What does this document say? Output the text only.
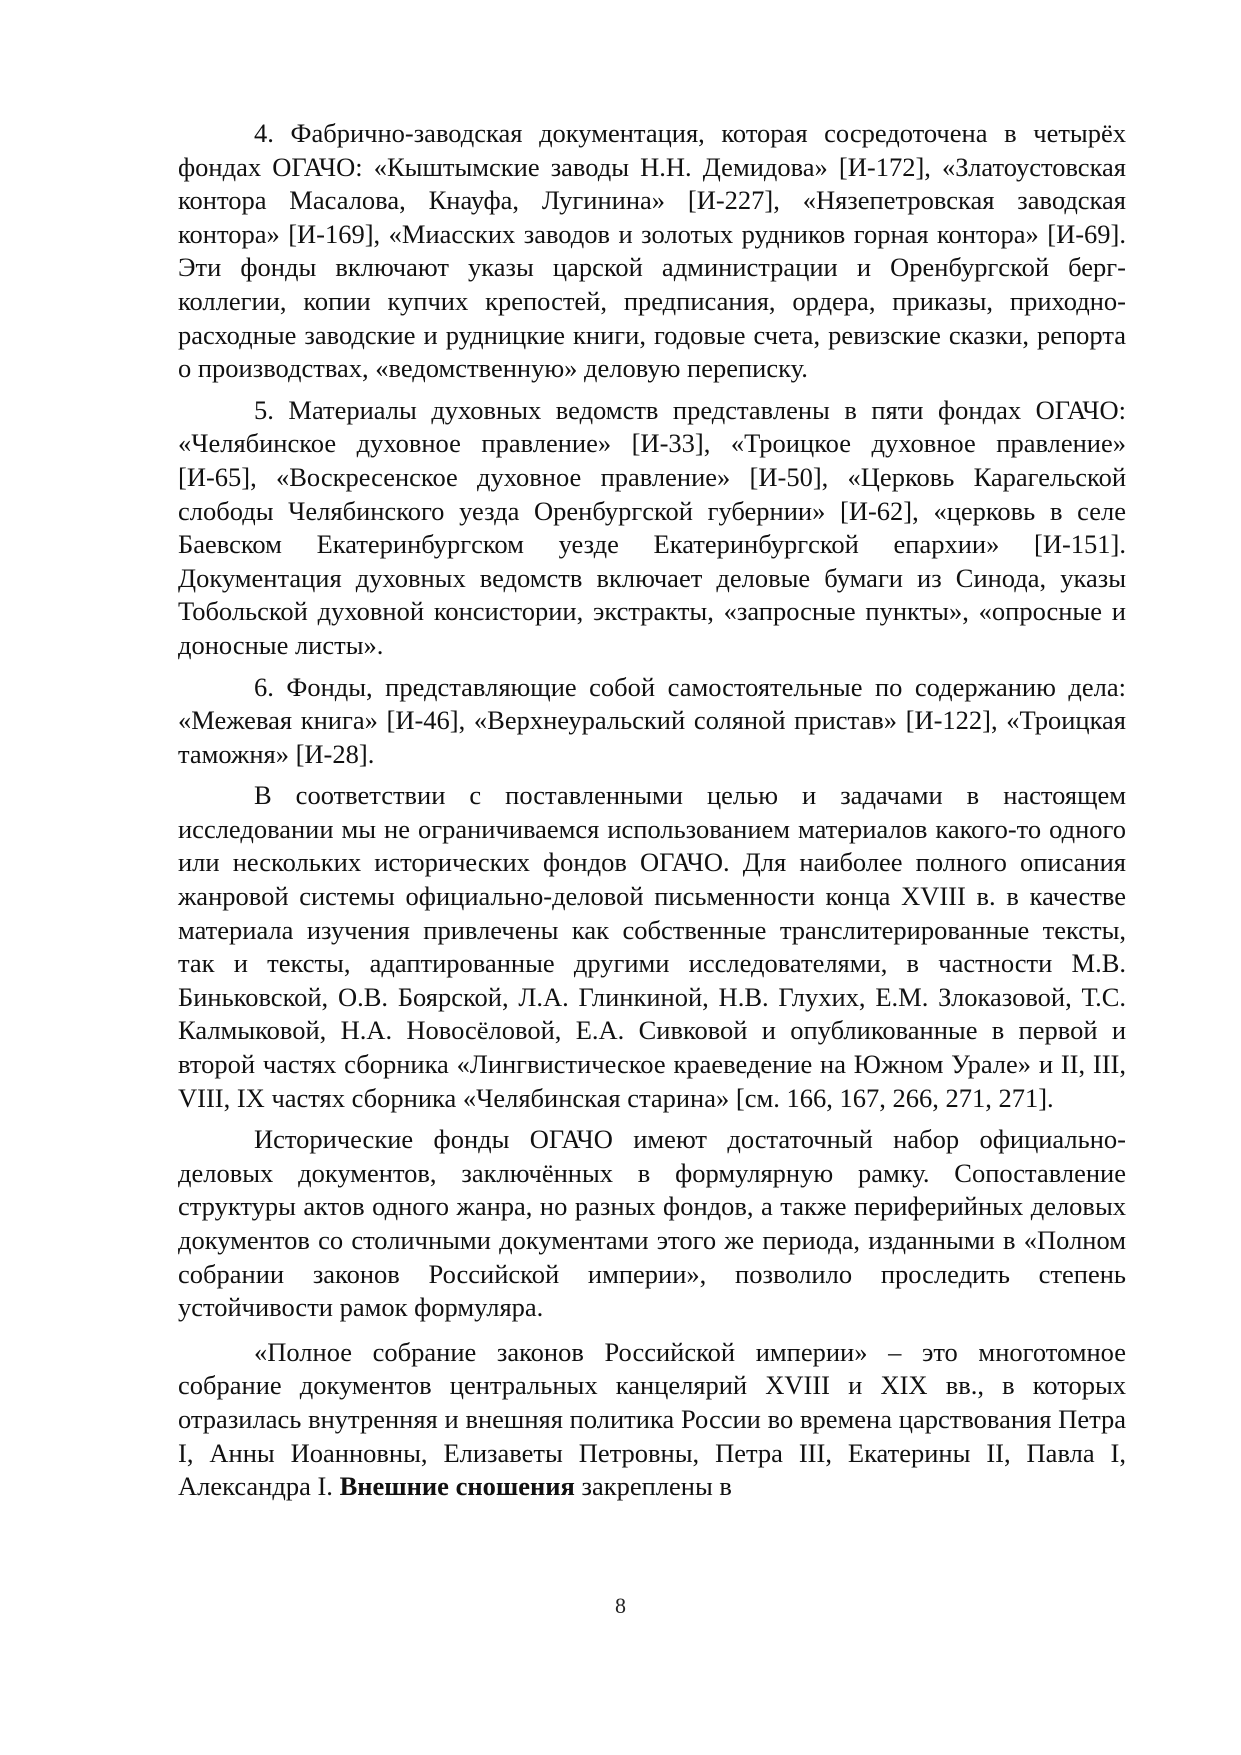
4. Фабрично-заводская документация, которая сосредоточена в четырёх фондах ОГАЧО: «Кыштымские заводы Н.Н. Демидова» [И-172], «Златоустовская контора Масалова, Кнауфа, Лугинина» [И-227], «Нязепетровская заводская контора» [И-169], «Миасских заводов и золотых рудников горная контора» [И-69]. Эти фонды включают указы царской администрации и Оренбургской берг-коллегии, копии купчих крепостей, предписания, ордера, приказы, приходно-расходные заводские и рудницкие книги, годовые счета, ревизские сказки, репорта о производствах, «ведомственную» деловую переписку.

5. Материалы духовных ведомств представлены в пяти фондах ОГАЧО: «Челябинское духовное правление» [И-33], «Троицкое духовное правление» [И-65], «Воскресенское духовное правление» [И-50], «Церковь Карагельской слободы Челябинского уезда Оренбургской губернии» [И-62], «церковь в селе Баевском Екатеринбургском уезде Екатеринбургской епархии» [И-151]. Документация духовных ведомств включает деловые бумаги из Синода, указы Тобольской духовной консистории, экстракты, «запросные пункты», «опросные и доносные листы».

6. Фонды, представляющие собой самостоятельные по содержанию дела: «Межевая книга» [И-46], «Верхнеуральский соляной пристав» [И-122], «Троицкая таможня» [И-28].

В соответствии с поставленными целью и задачами в настоящем исследовании мы не ограничиваемся использованием материалов какого-то одного или нескольких исторических фондов ОГАЧО. Для наиболее полного описания жанровой системы официально-деловой письменности конца XVIII в. в качестве материала изучения привлечены как собственные транслитерированные тексты, так и тексты, адаптированные другими исследователями, в частности М.В. Биньковской, О.В. Боярской, Л.А. Глинкиной, Н.В. Глухих, Е.М. Злоказовой, Т.С. Калмыковой, Н.А. Новосёловой, Е.А. Сивковой и опубликованные в первой и второй частях сборника «Лингвистическое краеведение на Южном Урале» и II, III, VIII, IX частях сборника «Челябинская старина» [см. 166, 167, 266, 271, 271].

Исторические фонды ОГАЧО имеют достаточный набор официально-деловых документов, заключённых в формулярную рамку. Сопоставление структуры актов одного жанра, но разных фондов, а также периферийных деловых документов со столичными документами этого же периода, изданными в «Полном собрании законов Российской империи», позволило проследить степень устойчивости рамок формуляра.

«Полное собрание законов Российской империи» – это многотомное собрание документов центральных канцелярий XVIII и XIX вв., в которых отразилась внутренняя и внешняя политика России во времена царствования Петра I, Анны Иоанновны, Елизаветы Петровны, Петра III, Екатерины II, Павла I, Александра I. Внешние сношения закреплены в

8
